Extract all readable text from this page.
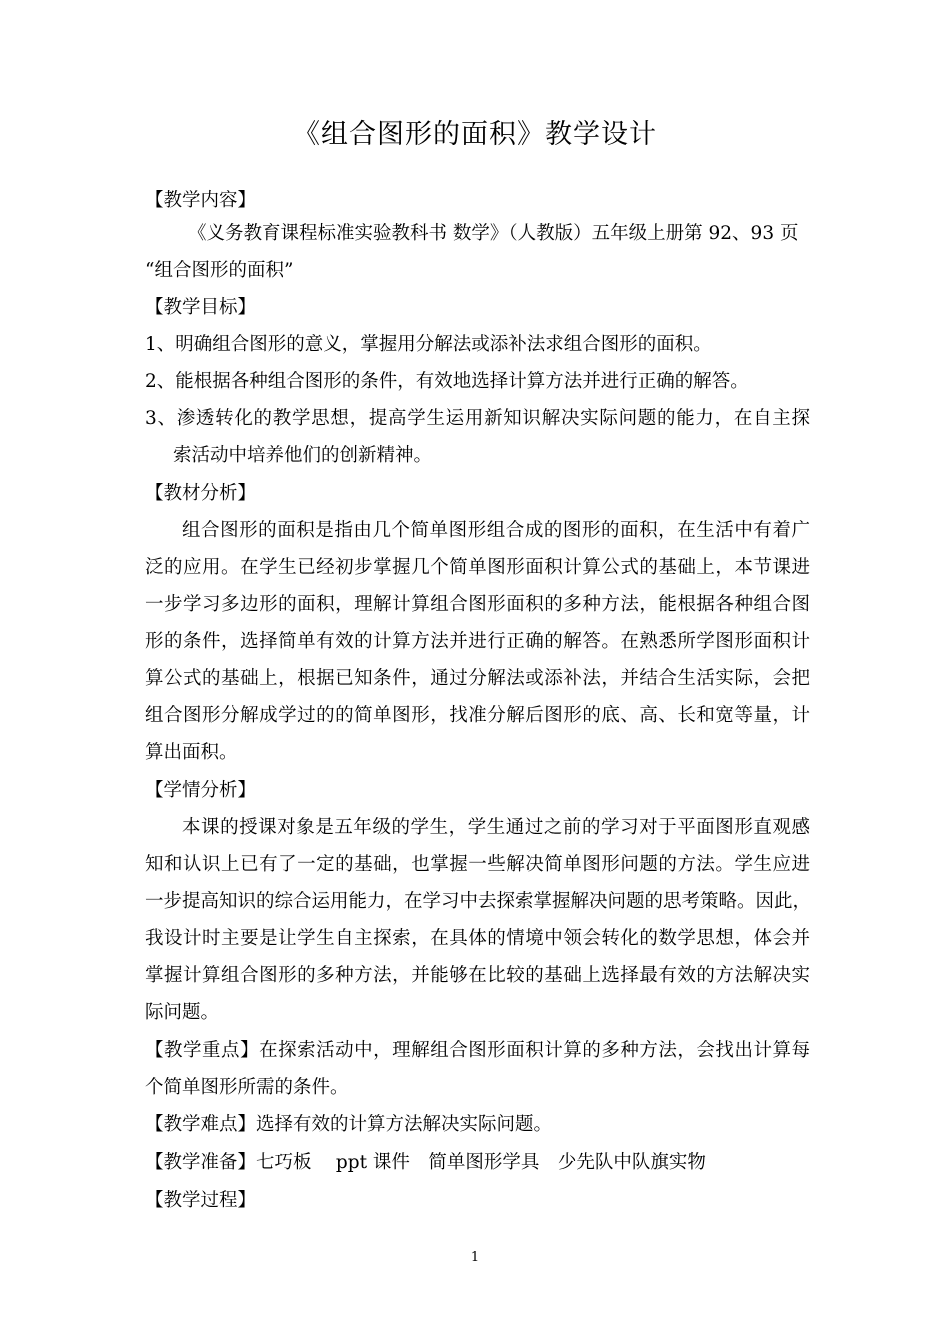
《组合图形的面积》教学设计
【教学内容】
《义务教育课程标准实验教科书 数学》（人教版）五年级上册第 92、93 页
“组合图形的面积”
【教学目标】
1、明确组合图形的意义，掌握用分解法或添补法求组合图形的面积。
2、能根据各种组合图形的条件，有效地选择计算方法并进行正确的解答。
3、渗透转化的教学思想，提高学生运用新知识解决实际问题的能力，在自主探
索活动中培养他们的创新精神。
【教材分析】
组合图形的面积是指由几个简单图形组合成的图形的面积，在生活中有着广
泛的应用。在学生已经初步掌握几个简单图形面积计算公式的基础上，本节课进
一步学习多边形的面积，理解计算组合图形面积的多种方法，能根据各种组合图
形的条件，选择简单有效的计算方法并进行正确的解答。在熟悉所学图形面积计
算公式的基础上，根据已知条件，通过分解法或添补法，并结合生活实际，会把
组合图形分解成学过的的简单图形，找准分解后图形的底、高、长和宽等量，计
算出面积。
【学情分析】
本课的授课对象是五年级的学生，学生通过之前的学习对于平面图形直观感
知和认识上已有了一定的基础，也掌握一些解决简单图形问题的方法。学生应进
一步提高知识的综合运用能力，在学习中去探索掌握解决问题的思考策略。因此，
我设计时主要是让学生自主探索，在具体的情境中领会转化的数学思想，体会并
掌握计算组合图形的多种方法，并能够在比较的基础上选择最有效的方法解决实
际问题。
【教学重点】在探索活动中，理解组合图形面积计算的多种方法，会找出计算每
个简单图形所需的条件。
【教学难点】选择有效的计算方法解决实际问题。
【教学准备】七巧板　 ppt 课件　简单图形学具　少先队中队旗实物
【教学过程】
1
